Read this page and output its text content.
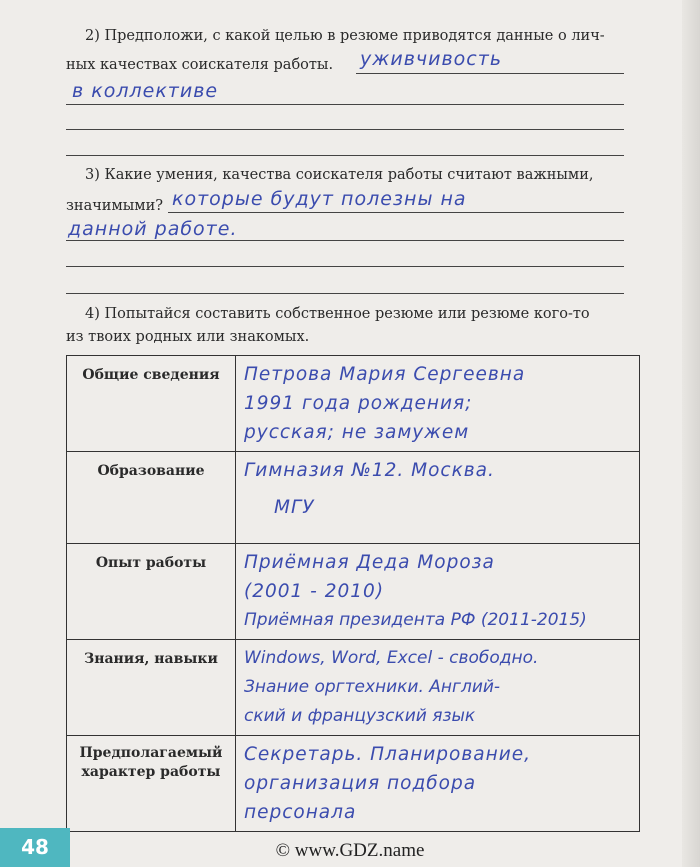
2) Предположи, с какой целью в резюме приводятся данные о лич-
ных качествах соискателя работы. уживчивость
в коллективе
3) Какие умения, качества соискателя работы считают важными,
значимыми? которые будут полезны на
данной работе.
4) Попытайся составить собственное резюме или резюме кого-то
из твоих родных или знакомых.
Общие сведения	Петрова Мария Сергеевна
1991 года рождения;
русская; не замужем

Образование	Гимназия №12. Москва.
МГУ

Опыт работы	Приёмная Деда Мороза
(2001 - 2010)
Приёмная президента РФ (2011-2015)

Знания, навыки	Windows, Word, Excel - свободно.
Знание оргтехники. Англий-
ский и французский язык

Предполагаемый характер работы	Секретарь. Планирование,
организация подбора
персонала
48	© www.GDZ.name
